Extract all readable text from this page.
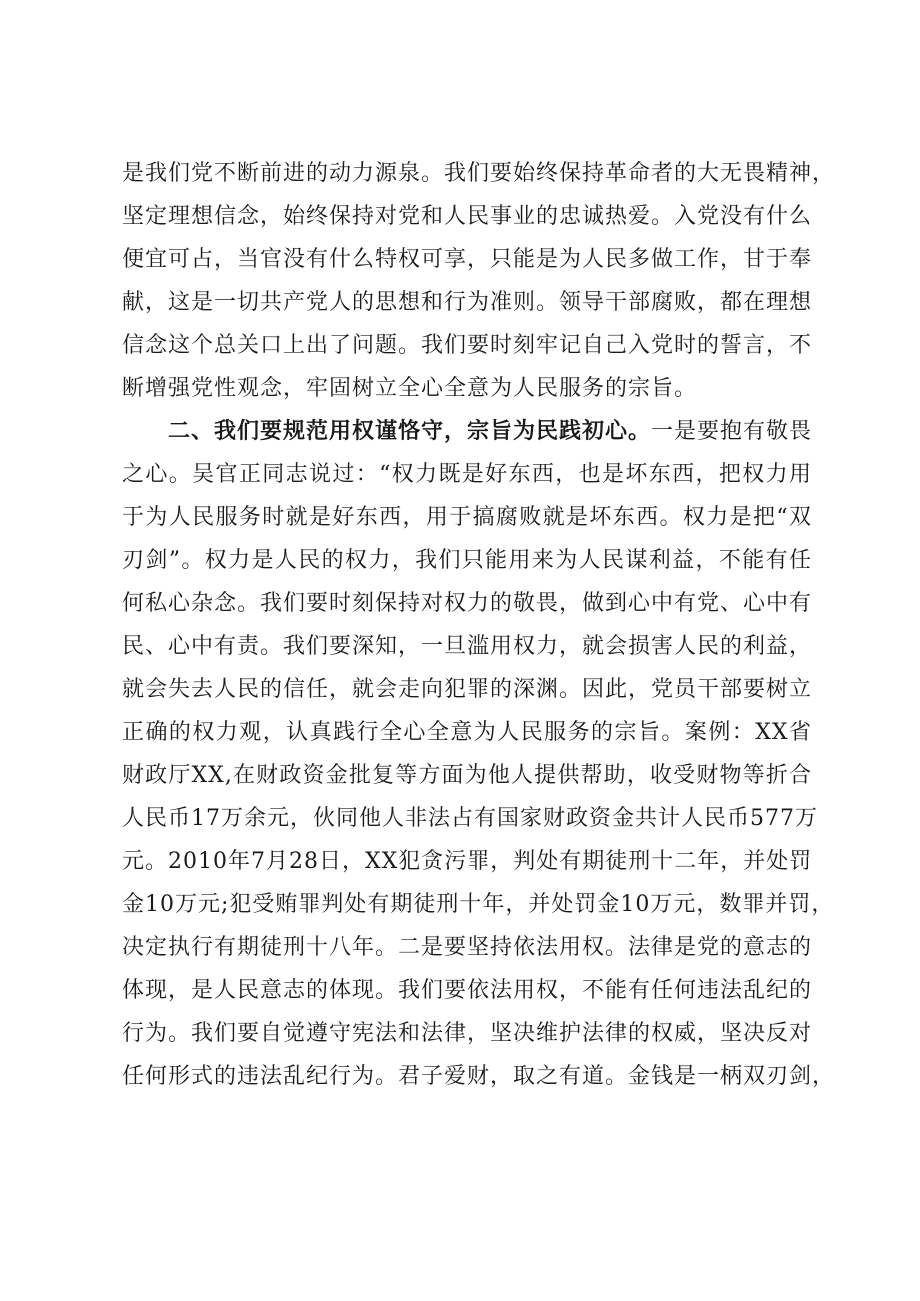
是我们党不断前进的动力源泉。我们要始终保持革命者的大无畏精神，
坚定理想信念，始终保持对党和人民事业的忠诚热爱。入党没有什么
便宜可占，当官没有什么特权可享，只能是为人民多做工作，甘于奉
献，这是一切共产党人的思想和行为准则。领导干部腐败，都在理想
信念这个总关口上出了问题。我们要时刻牢记自己入党时的誓言，不
断增强党性观念，牢固树立全心全意为人民服务的宗旨。
二、我们要规范用权谨恪守，宗旨为民践初心。一是要抱有敬畏
之心。吴官正同志说过：“权力既是好东西，也是坏东西，把权力用
于为人民服务时就是好东西，用于搞腐败就是坏东西。权力是把“双
刃剑”。权力是人民的权力，我们只能用来为人民谋利益，不能有任
何私心杂念。我们要时刻保持对权力的敬畏，做到心中有党、心中有
民、心中有责。我们要深知，一旦滥用权力，就会损害人民的利益，
就会失去人民的信任，就会走向犯罪的深渊。因此，党员干部要树立
正确的权力观，认真践行全心全意为人民服务的宗旨。案例：XX省
财政厅XX,在财政资金批复等方面为他人提供帮助，收受财物等折合
人民币17万余元，伙同他人非法占有国家财政资金共计人民币577万
元。2010年7月28日，XX犯贪污罪，判处有期徒刑十二年，并处罚
金10万元;犯受贿罪判处有期徒刑十年，并处罚金10万元，数罪并罚，
决定执行有期徒刑十八年。二是要坚持依法用权。法律是党的意志的
体现，是人民意志的体现。我们要依法用权，不能有任何违法乱纪的
行为。我们要自觉遵守宪法和法律，坚决维护法律的权威，坚决反对
任何形式的违法乱纪行为。君子爱财，取之有道。金钱是一柄双刃剑，
